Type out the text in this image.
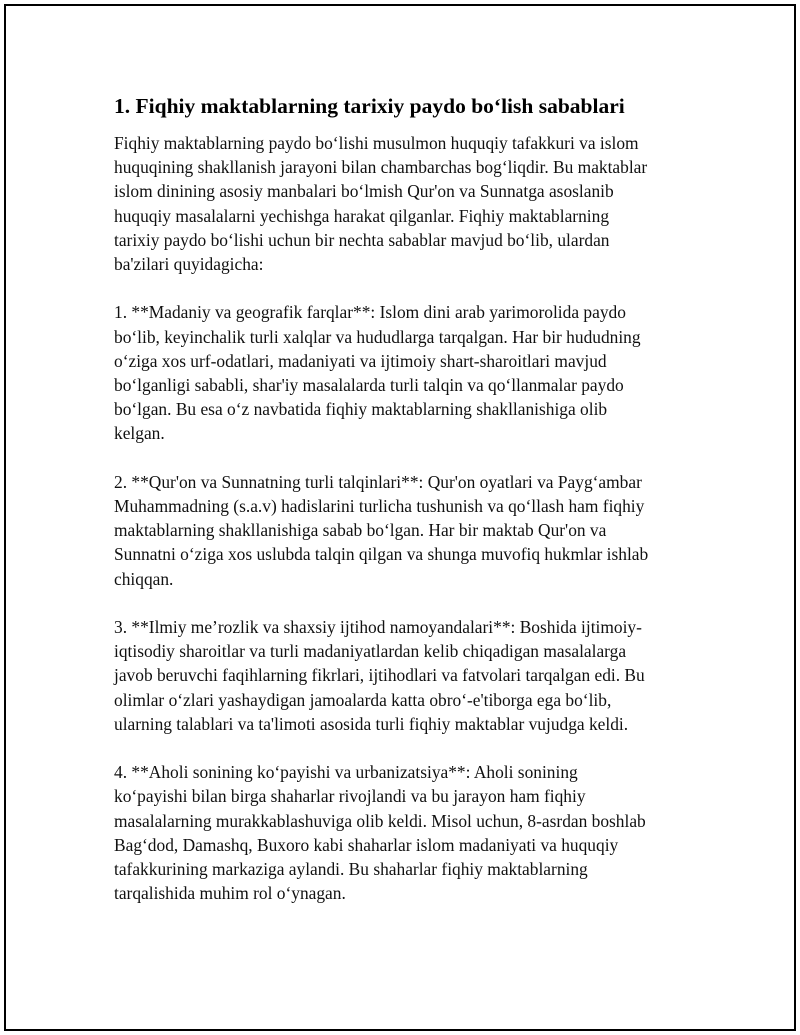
1. Fiqhiy maktablarning tarixiy paydo bo‘lish sabablari

Fiqhiy maktablarning paydo bo‘lishi musulmon huquqiy tafakkuri va islom
huquqining shakllanish jarayoni bilan chambarchas bog‘liqdir. Bu maktablar
islom dinining asosiy manbalari bo‘lmish Qur'on va Sunnatga asoslanib
huquqiy masalalarni yechishga harakat qilganlar. Fiqhiy maktablarning
tarixiy paydo bo‘lishi uchun bir nechta sabablar mavjud bo‘lib, ulardan
ba'zilari quyidagicha:

1. **Madaniy va geografik farqlar**: Islom dini arab yarimorolida paydo
bo‘lib, keyinchalik turli xalqlar va hududlarga tarqalgan. Har bir hududning
o‘ziga xos urf-odatlari, madaniyati va ijtimoiy shart-sharoitlari mavjud
bo‘lganligi sababli, shar'iy masalalarda turli talqin va qo‘llanmalar paydo
bo‘lgan. Bu esa o‘z navbatida fiqhiy maktablarning shakllanishiga olib
kelgan.

2. **Qur'on va Sunnatning turli talqinlari**: Qur'on oyatlari va Payg‘ambar
Muhammadning (s.a.v) hadislarini turlicha tushunish va qo‘llash ham fiqhiy
maktablarning shakllanishiga sabab bo‘lgan. Har bir maktab Qur'on va
Sunnatni o‘ziga xos uslubda talqin qilgan va shunga muvofiq hukmlar ishlab
chiqqan.

3. **Ilmiy me’rozlik va shaxsiy ijtihod namoyandalari**: Boshida ijtimoiy-
iqtisodiy sharoitlar va turli madaniyatlardan kelib chiqadigan masalalarga
javob beruvchi faqihlarning fikrlari, ijtihodlari va fatvolari tarqalgan edi. Bu
olimlar o‘zlari yashaydigan jamoalarda katta obro‘-e'tiborga ega bo‘lib,
ularning talablari va ta'limoti asosida turli fiqhiy maktablar vujudga keldi.

4. **Aholi sonining ko‘payishi va urbanizatsiya**: Aholi sonining
ko‘payishi bilan birga shaharlar rivojlandi va bu jarayon ham fiqhiy
masalalarning murakkablashuviga olib keldi. Misol uchun, 8-asrdan boshlab
Bag‘dod, Damashq, Buxoro kabi shaharlar islom madaniyati va huquqiy
tafakkurining markaziga aylandi. Bu shaharlar fiqhiy maktablarning
tarqalishida muhim rol o‘ynagan.
